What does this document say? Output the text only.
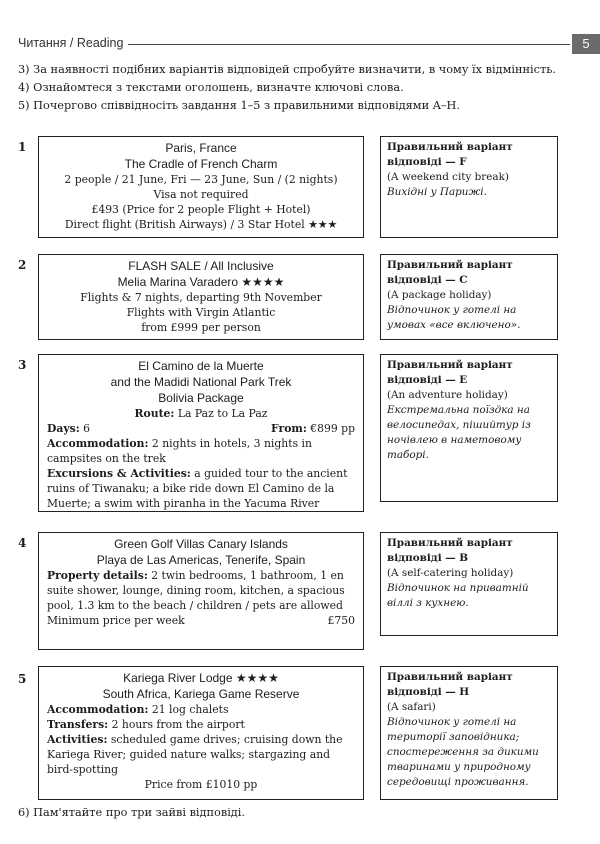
Читання / Reading	5

3) За наявності подібних варіантів відповідей спробуйте визначити, в чому їх відмінність.

4) Ознайомтеся з текстами оголошень, визначте ключові слова.

5) Почергово співвідносіть завдання 1–5 з правильними відповідями A–H.

1	Paris, France
The Cradle of French Charm
2 people / 21 June, Fri — 23 June, Sun / (2 nights)
Visa not required
£493 (Price for 2 people Flight + Hotel)
Direct flight (British Airways) / 3 Star Hotel ★★★
Правильний варіант відповіді — F
(A weekend city break)
Вихідні у Парижі.
2	FLASH SALE / All Inclusive
Melia Marina Varadero ★★★★
Flights & 7 nights, departing 9th November
Flights with Virgin Atlantic
from £999 per person
Правильний варіант відповіді — C
(A package holiday)
Відпочинок у готелі на умовах «все включено».
3	El Camino de la Muerte
and the Madidi National Park Trek
Bolivia Package
Route: La Paz to La Paz
Days: 6	From: €899 pp
Accommodation: 2 nights in hotels, 3 nights in campsites on the trek
Excursions & Activities: a guided tour to the ancient ruins of Tiwanaku; a bike ride down El Camino de la Muerte; a swim with piranha in the Yacuma River
Правильний варіант відповіді — E
(An adventure holiday)
Екстремальна поїздка на велосипедах, пішийтур із ночівлею в наметовому таборі.
4	Green Golf Villas Canary Islands
Playa de Las Americas, Tenerife, Spain
Property details: 2 twin bedrooms, 1 bathroom, 1 en suite shower, lounge, dining room, kitchen, a spacious pool, 1.3 km to the beach / children / pets are allowed
Minimum price per week	£750
Правильний варіант відповіді — B
(A self-catering holiday)
Відпочинок на приватній віллі з кухнею.
5	Kariega River Lodge ★★★★
South Africa, Kariega Game Reserve
Accommodation: 21 log chalets
Transfers: 2 hours from the airport
Activities: scheduled game drives; cruising down the Kariega River; guided nature walks; stargazing and bird-spotting
Price from £1010 pp
Правильний варіант відповіді — H
(A safari)
Відпочинок у готелі на території заповідника; спостереження за дикими тваринами у природному середовищі проживання.
6) Пам'ятайте про три зайві відповіді.
